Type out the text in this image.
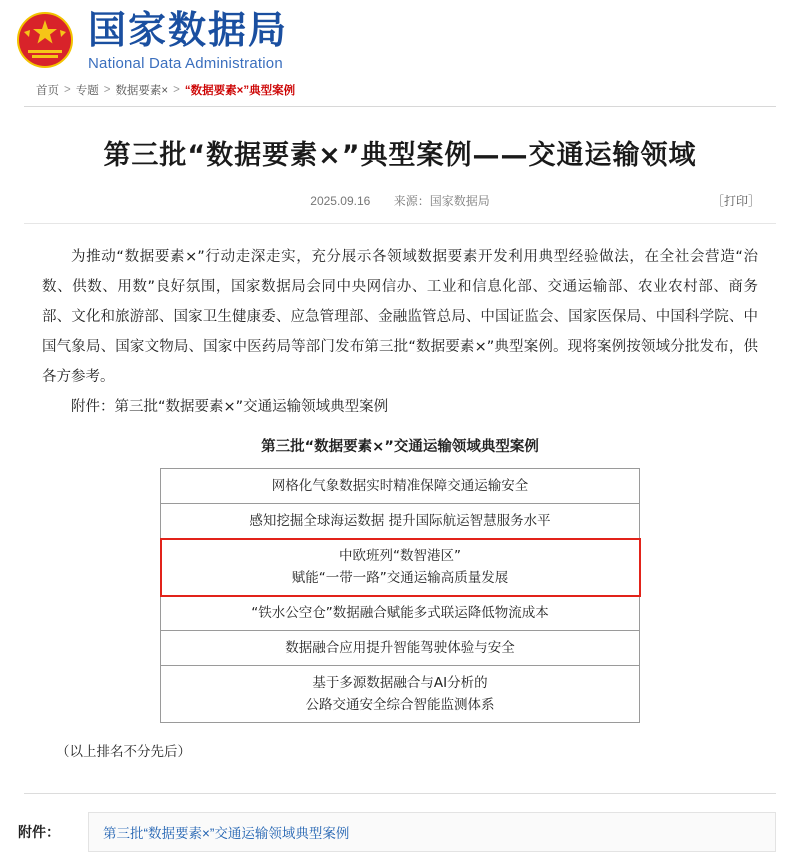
国家数据局
National Data Administration
首页 > 专题 > 数据要素× > “数据要素×”典型案例
第三批“数据要素×”典型案例——交通运输领域
2025.09.16 来源：国家数据局	［打印］

为推动“数据要素×”行动走深走实，充分展示各领域数据要素开发利用典型经验做法，在全社会营造“治数、供数、用数”良好氛围，国家数据局会同中央网信办、工业和信息化部、交通运输部、农业农村部、商务部、文化和旅游部、国家卫生健康委、应急管理部、金融监管总局、中国证监会、国家医保局、中国科学院、中国气象局、国家文物局、国家中医药局等部门发布第三批“数据要素×”典型案例。现将案例按领域分批发布，供各方参考。

附件：第三批“数据要素×”交通运输领域典型案例

第三批“数据要素×”交通运输领域典型案例
网格化气象数据实时精准保障交通运输安全
感知挖掘全球海运数据 提升国际航运智慧服务水平
中欧班列“数智港区”
赋能“一带一路”交通运输高质量发展
“铁水公空仓”数据融合赋能多式联运降低物流成本
数据融合应用提升智能驾驶体验与安全
基于多源数据融合与AI分析的
公路交通安全综合智能监测体系
（以上排名不分先后）
附件：	第三批“数据要素×”交通运输领域典型案例
